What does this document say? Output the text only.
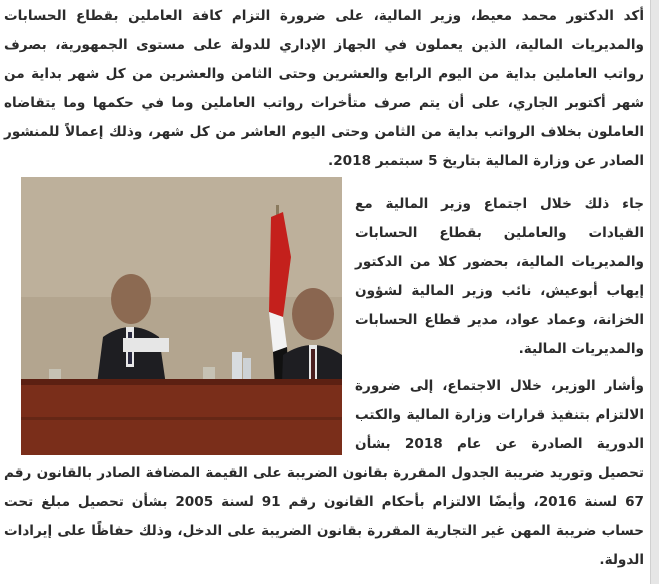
أكد الدكتور محمد معيط، وزير المالية، على ضرورة التزام كافة العاملين بقطاع الحسابات والمديريات المالية، الذين يعملون في الجهاز الإداري للدولة على مستوى الجمهورية، بصرف رواتب العاملين بداية من اليوم الرابع والعشرين وحتى الثامن والعشرين من كل شهر بداية من شهر أكتوبر الجاري، على أن يتم صرف متأخرات رواتب العاملين وما في حكمها وما يتقاضاه العاملون بخلاف الرواتب بداية من الثامن وحتى اليوم العاشر من كل شهر، وذلك إعمالاً للمنشور الصادر عن وزارة المالية بتاريخ 5 سبتمبر 2018.

جاء ذلك خلال اجتماع وزير المالية مع القيادات والعاملين بقطاع الحسابات والمديريات المالية، بحضور كلا من الدكتور إيهاب أبوعيش، نائب وزير المالية لشؤون الخزانة، وعماد عواد، مدير قطاع الحسابات والمديريات المالية.

وأشار الوزير، خلال الاجتماع، إلى ضرورة الالتزام بتنفيذ قرارات وزارة المالية والكتب الدورية الصادرة عن عام 2018 بشأن تحصيل وتوريد ضريبة الجدول المقررة بقانون الضريبة على القيمة المضافة الصادر بالقانون رقم 67 لسنة 2016، وأيضًا الالتزام بأحكام القانون رقم 91 لسنة 2005 بشأن تحصيل مبلغ تحت حساب ضريبة المهن غير التجارية المقررة بقانون الضريبة على الدخل، وذلك حفاظًا على إيرادات الدولة.
